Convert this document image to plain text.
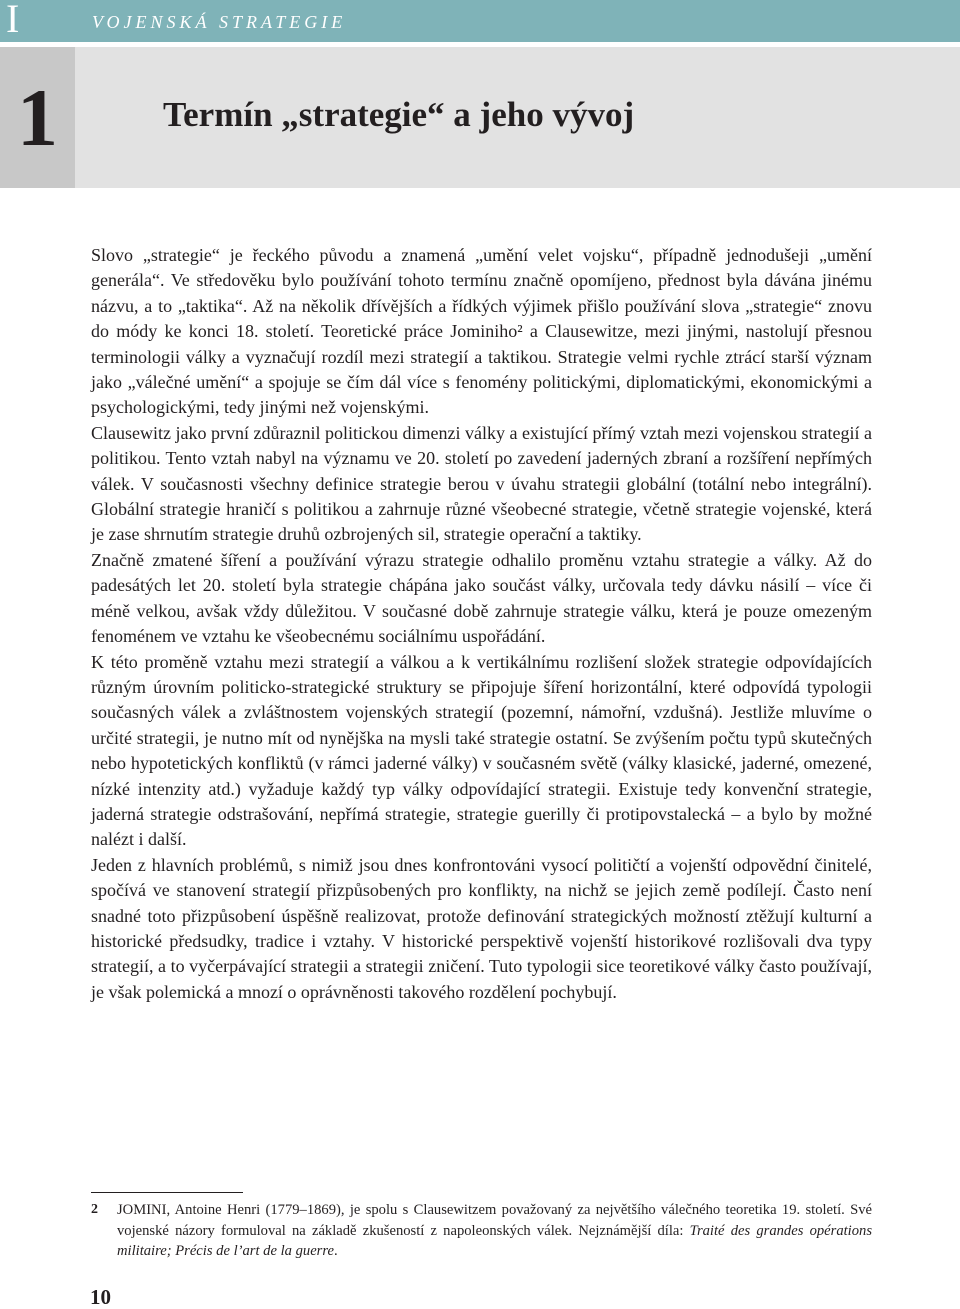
I	VOJENSKÁ STRATEGIE
1	Termín „strategie“ a jeho vývoj

Slovo „strategie“ je řeckého původu a znamená „umění velet vojsku“, případně jednodušeji „umění generála“. Ve středověku bylo používání tohoto termínu značně opomíjeno, přednost byla dávána jinému názvu, a to „taktika“. Až na několik dřívějších a řídkých výjimek přišlo používání slova „strategie“ znovu do módy ke konci 18. století. Teoretické práce Jominiho² a Clausewitze, mezi jinými, nastolují přesnou terminologii války a vyznačují rozdíl mezi strategií a taktikou. Strategie velmi rychle ztrácí starší význam jako „válečné umění“ a spojuje se čím dál více s fenomény politickými, diplomatickými, ekonomickými a psychologickými, tedy jinými než vojenskými.

Clausewitz jako první zdůraznil politickou dimenzi války a existující přímý vztah mezi vojenskou strategií a politikou. Tento vztah nabyl na významu ve 20. století po zavedení jaderných zbraní a rozšíření nepřímých válek. V současnosti všechny definice strategie berou v úvahu strategii globální (totální nebo integrální). Globální strategie hraničí s politikou a zahrnuje různé všeobecné strategie, včetně strategie vojenské, která je zase shrnutím strategie druhů ozbrojených sil, strategie operační a taktiky.

Značně zmatené šíření a používání výrazu strategie odhalilo proměnu vztahu strategie a války. Až do padesátých let 20. století byla strategie chápána jako součást války, určovala tedy dávku násilí – více či méně velkou, avšak vždy důležitou. V současné době zahrnuje strategie válku, která je pouze omezeným fenoménem ve vztahu ke všeobecnému sociálnímu uspořádání.

K této proměně vztahu mezi strategií a válkou a k vertikálnímu rozlišení složek strategie odpovídajících různým úrovním politicko-strategické struktury se připojuje šíření horizontální, které odpovídá typologii současných válek a zvláštnostem vojenských strategií (pozemní, námořní, vzdušná). Jestliže mluvíme o určité strategii, je nutno mít od nynějška na mysli také strategie ostatní. Se zvýšením počtu typů skutečných nebo hypotetických konfliktů (v rámci jaderné války) v současném světě (války klasické, jaderné, omezené, nízké intenzity atd.) vyžaduje každý typ války odpovídající strategii. Existuje tedy konvenční strategie, jaderná strategie odstrašování, nepřímá strategie, strategie guerilly či protipovstalecká – a bylo by možné nalézt i další.

Jeden z hlavních problémů, s nimiž jsou dnes konfrontováni vysocí političtí a vojenští odpovědní činitelé, spočívá ve stanovení strategií přizpůsobených pro konflikty, na nichž se jejich země podílejí. Často není snadné toto přizpůsobení úspěšně realizovat, protože definování strategických možností ztěžují kulturní a historické předsudky, tradice i vztahy. V historické perspektivě vojenští historikové rozlišovali dva typy strategií, a to vyčerpávající strategii a strategii zničení. Tuto typologii sice teoretikové války často používají, je však polemická a mnozí o oprávněnosti takového rozdělení pochybují.

2	JOMINI, Antoine Henri (1779–1869), je spolu s Clausewitzem považovaný za největšího válečného teoretika 19. století. Své vojenské názory formuloval na základě zkušeností z napoleonských válek. Nejznámější díla: Traité des grandes opérations militaire; Précis de l’art de la guerre.
10
